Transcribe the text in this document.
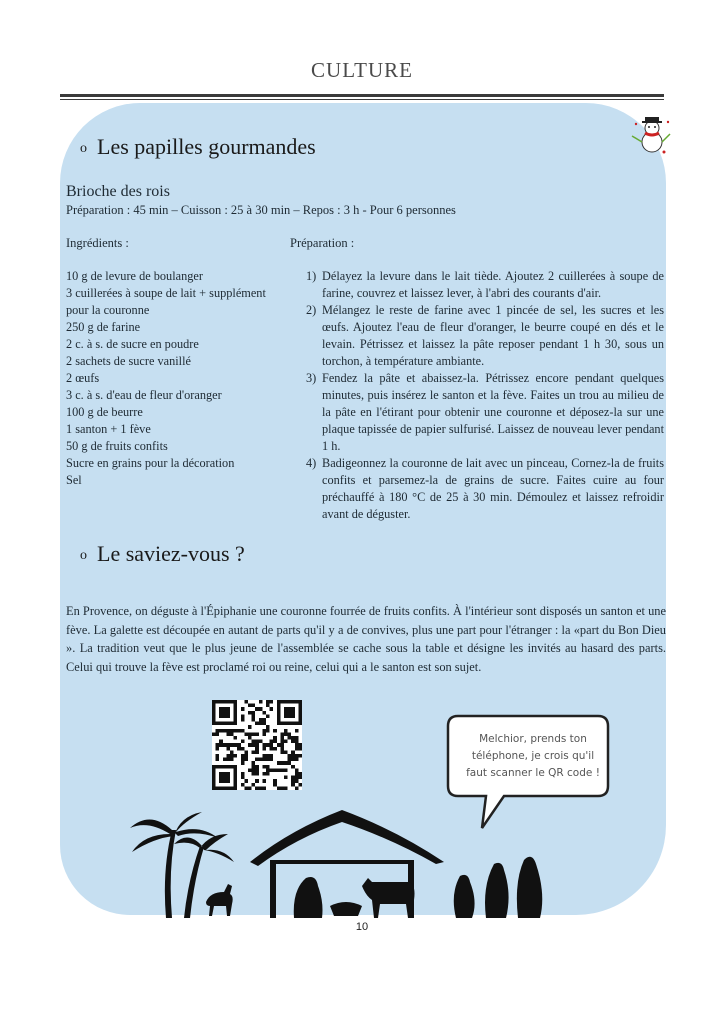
CULTURE
o Les papilles gourmandes
Brioche des rois
Préparation : 45 min – Cuisson : 25 à 30 min – Repos : 3 h - Pour 6 personnes
Ingrédients :	Préparation :
10 g de levure de boulanger
3 cuillerées à soupe de lait + supplément
pour la couronne
250 g de farine
2 c. à s. de sucre en poudre
2 sachets de sucre vanillé
2 œufs
3 c. à s. d'eau de fleur d'oranger
100 g de beurre
1 santon + 1 fève
50 g de fruits confits
Sucre en grains pour la décoration
Sel
1) Délayez la levure dans le lait tiède. Ajoutez 2 cuillerées à soupe de farine, couvrez et laissez lever, à l'abri des courants d'air.
2) Mélangez le reste de farine avec 1 pincée de sel, les sucres et les œufs. Ajoutez l'eau de fleur d'oranger, le beurre coupé en dés et le levain. Pétrissez et laissez la pâte reposer pendant 1 h 30, sous un torchon, à température ambiante.
3) Fendez la pâte et abaissez-la. Pétrissez encore pendant quelques minutes, puis insérez le santon et la fève. Faites un trou au milieu de la pâte en l'étirant pour obtenir une couronne et déposez-la sur une plaque tapissée de papier sulfurisé. Laissez de nouveau lever pendant 1 h.
4) Badigeonnez la couronne de lait avec un pinceau, Cornez-la de fruits confits et parsemez-la de grains de sucre. Faites cuire au four préchauffé à 180 °C de 25 à 30 min. Démoulez et laissez refroidir avant de déguster.
o Le saviez-vous ?
En Provence, on déguste à l'Épiphanie une couronne fourrée de fruits confits. À l'intérieur sont disposés un santon et une fève. La galette est découpée en autant de parts qu'il y a de convives, plus une part pour l'étranger : la «part du Bon Dieu ». La tradition veut que le plus jeune de l'assemblée se cache sous la table et désigne les invités au hasard des parts. Celui qui trouve la fève est proclamé roi ou reine, celui qui a le santon est son sujet.
Melchior, prends ton
téléphone, je crois qu'il
faut scanner le QR code !
10
